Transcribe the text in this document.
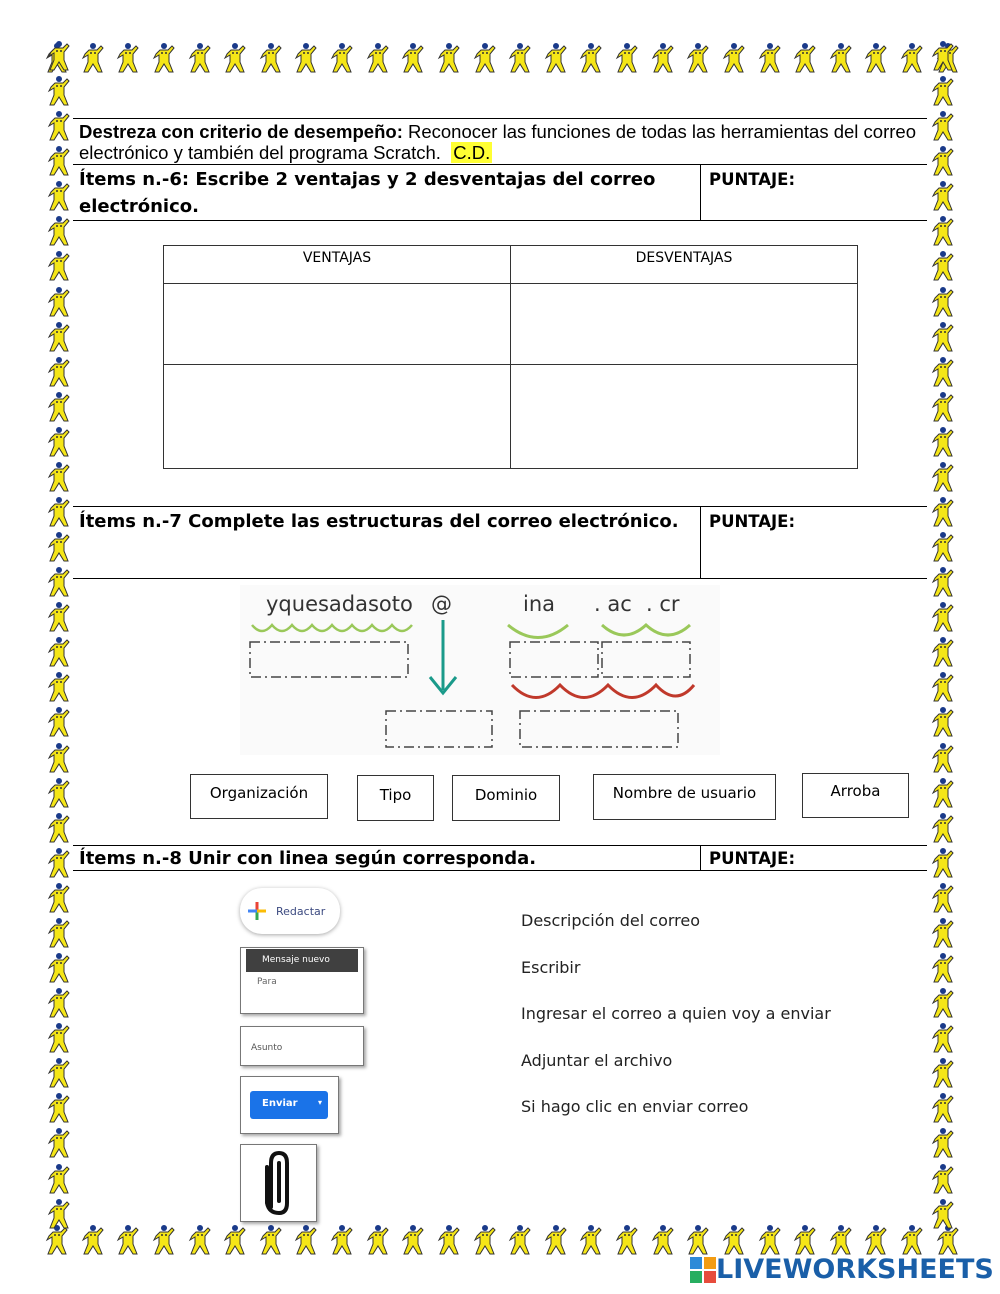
Destreza con criterio de desempeño: Reconocer las funciones de todas las herramientas del correo electrónico y también del programa Scratch. C.D.
Ítems n.-6: Escribe 2 ventajas y 2 desventajas del correo electrónico.
PUNTAJE:
VENTAJAS	DESVENTAJAS

Ítems n.-7 Complete las estructuras del correo electrónico.	PUNTAJE:
yquesadasoto @	ina . ac . cr
Organización	Tipo	Dominio	Nombre de usuario	Arroba
Ítems n.-8 Unir con linea según corresponda.	PUNTAJE:
Redactar
Mensaje nuevo
Para
Asunto
Enviar	▾
Descripción del correo
Escribir
Ingresar el correo a quien voy a enviar
Adjuntar el archivo
Si hago clic en enviar correo
LIVEWORKSHEETS
